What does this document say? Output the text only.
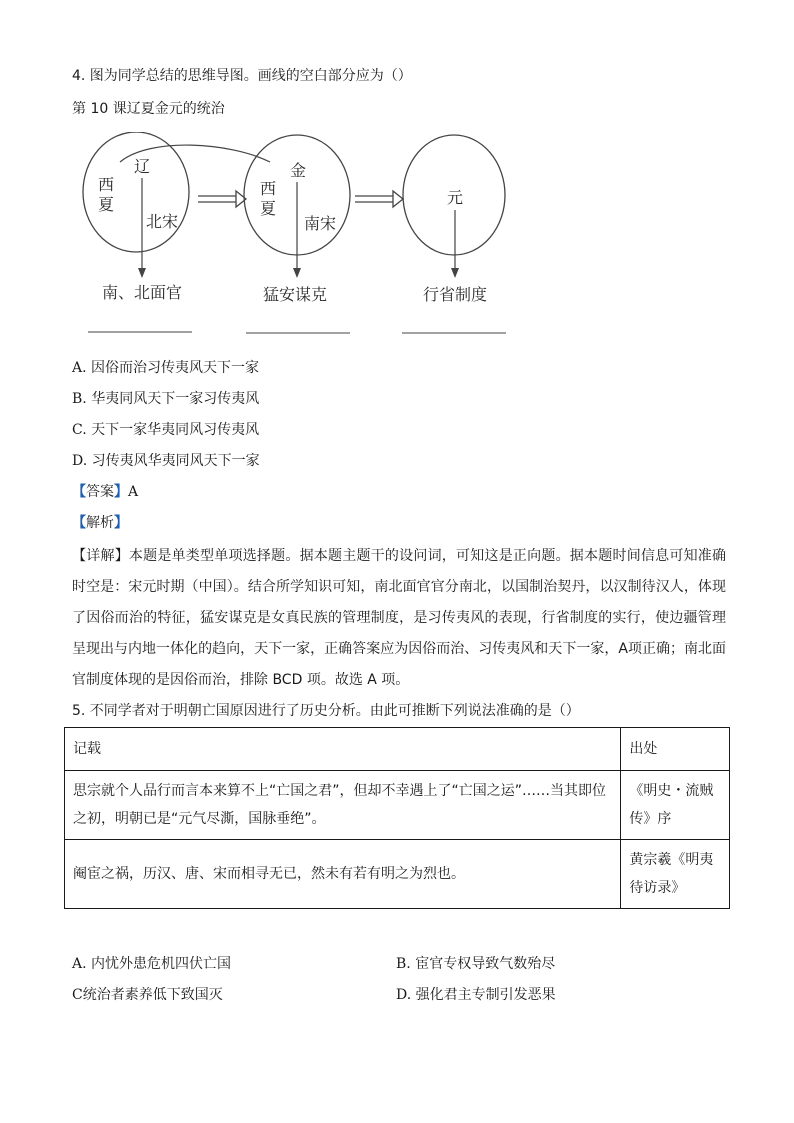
4. 图为同学总结的思维导图。画线的空白部分应为（）
第 10 课辽夏金元的统治
辽
西
夏
北宋
南、北面官
金
西
夏
南宋
猛安谋克
元
行省制度
A. 因俗而治习传夷风天下一家
B. 华夷同风天下一家习传夷风
C. 天下一家华夷同风习传夷风
D. 习传夷风华夷同风天下一家
【答案】A
【解析】
【详解】本题是单类型单项选择题。据本题主题干的设问词，可知这是正向题。据本题时间信息可知准确时空是：宋元时期（中国）。结合所学知识可知，南北面官官分南北，以国制治契丹，以汉制待汉人，体现了因俗而治的特征，猛安谋克是女真民族的管理制度，是习传夷风的表现，行省制度的实行，使边疆管理呈现出与内地一体化的趋向，天下一家，正确答案应为因俗而治、习传夷风和天下一家，A项正确；南北面官制度体现的是因俗而治，排除 BCD 项。故选 A 项。
5. 不同学者对于明朝亡国原因进行了历史分析。由此可推断下列说法准确的是（）
记载	出处
思宗就个人品行而言本来算不上“亡国之君”，但却不幸遇上了“亡国之运”……当其即位之初，明朝已是“元气尽澌，国脉垂绝”。	《明史・流贼传》序
阉宦之祸，历汉、唐、宋而相寻无已，然未有若有明之为烈也。	黄宗羲《明夷待访录》
A. 内忧外患危机四伏亡国	B. 宦官专权导致气数殆尽
C统治者素养低下致国灭	D. 强化君主专制引发恶果
